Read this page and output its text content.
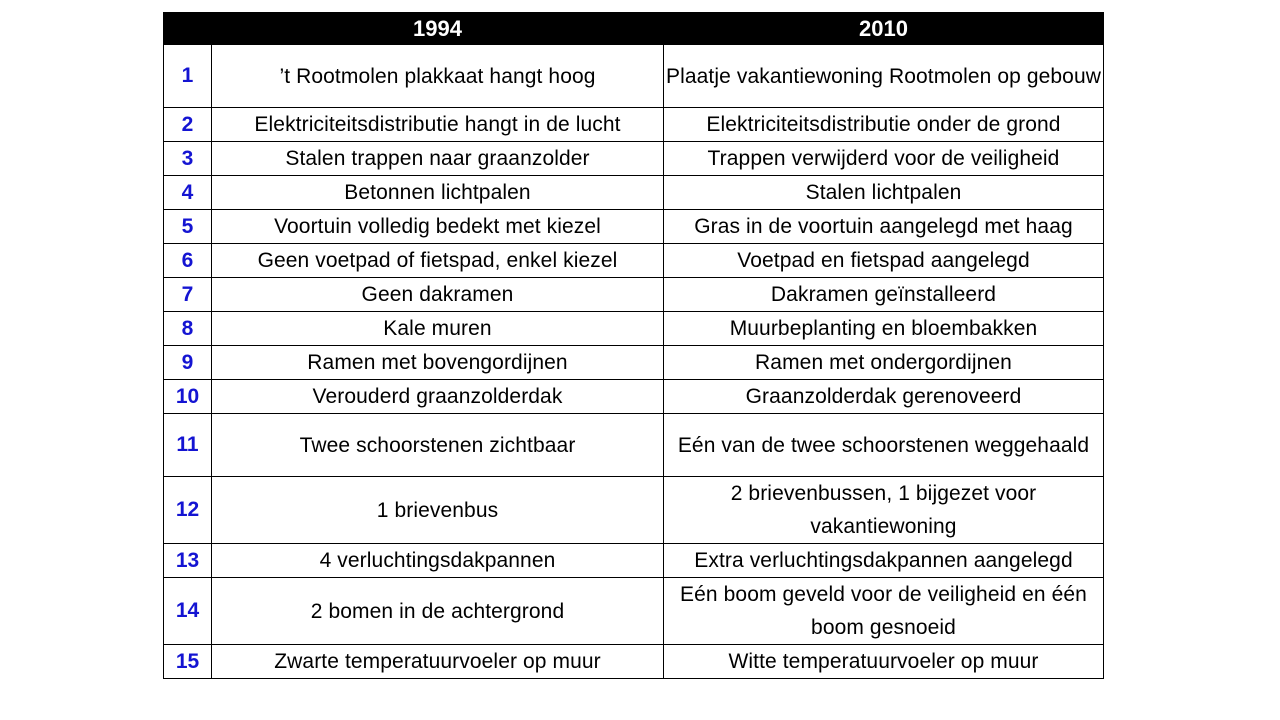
	1994	2010
1	’t Rootmolen plakkaat hangt hoog	Plaatje vakantiewoning Rootmolen op gebouw
2	Elektriciteitsdistributie hangt in de lucht	Elektriciteitsdistributie onder de grond
3	Stalen trappen naar graanzolder	Trappen verwijderd voor de veiligheid
4	Betonnen lichtpalen	Stalen lichtpalen
5	Voortuin volledig bedekt met kiezel	Gras in de voortuin aangelegd met haag
6	Geen voetpad of fietspad, enkel kiezel	Voetpad en fietspad aangelegd
7	Geen dakramen	Dakramen geïnstalleerd
8	Kale muren	Muurbeplanting en bloembakken
9	Ramen met bovengordijnen	Ramen met ondergordijnen
10	Verouderd graanzolderdak	Graanzolderdak gerenoveerd
11	Twee schoorstenen zichtbaar	Eén van de twee schoorstenen weggehaald
12	1 brievenbus	2 brievenbussen, 1 bijgezet voor vakantiewoning
13	4 verluchtingsdakpannen	Extra verluchtingsdakpannen aangelegd
14	2 bomen in de achtergrond	Eén boom geveld voor de veiligheid en één boom gesnoeid
15	Zwarte temperatuurvoeler op muur	Witte temperatuurvoeler op muur
